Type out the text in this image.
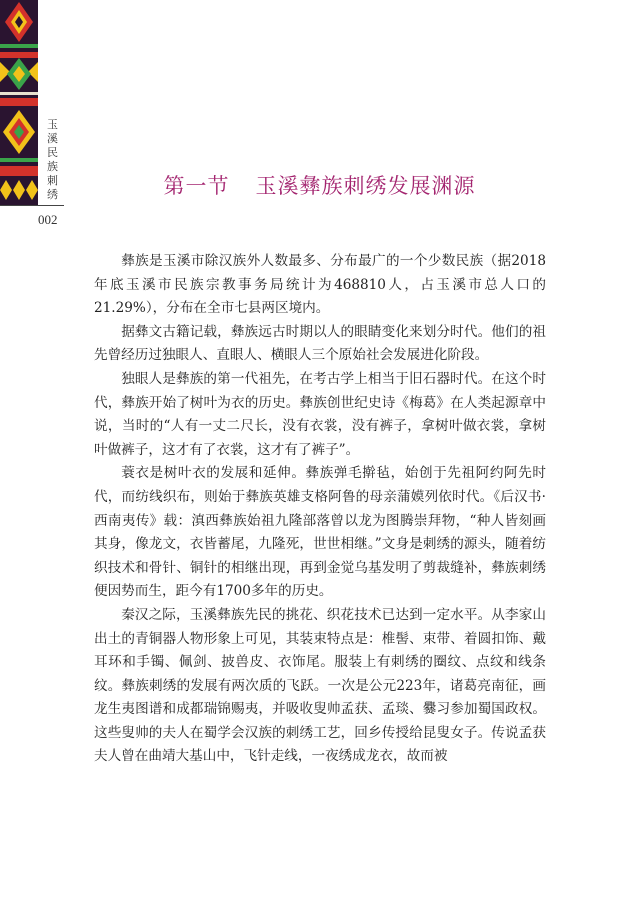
玉
溪
民
族
刺
绣
002
第一节 玉溪彝族刺绣发展渊源

彝族是玉溪市除汉族外人数最多、分布最广的一个少数民族（据2018年底玉溪市民族宗教事务局统计为468810人，占玉溪市总人口的21.29%），分布在全市七县两区境内。

据彝文古籍记载，彝族远古时期以人的眼睛变化来划分时代。他们的祖先曾经历过独眼人、直眼人、横眼人三个原始社会发展进化阶段。

独眼人是彝族的第一代祖先，在考古学上相当于旧石器时代。在这个时代，彝族开始了树叶为衣的历史。彝族创世纪史诗《梅葛》在人类起源章中说，当时的“人有一丈二尺长，没有衣裳，没有裤子，拿树叶做衣裳，拿树叶做裤子，这才有了衣裳，这才有了裤子”。

蓑衣是树叶衣的发展和延伸。彝族弹毛擀毡，始创于先祖阿约阿先时代，而纺线织布，则始于彝族英雄支格阿鲁的母亲蒲嫫列依时代。《后汉书·西南夷传》载：滇西彝族始祖九隆部落曾以龙为图腾崇拜物，“种人皆刻画其身，像龙文，衣皆蓄尾，九隆死，世世相继。”文身是刺绣的源头，随着纺织技术和骨针、铜针的相继出现，再到金觉乌基发明了剪裁缝补，彝族刺绣便因势而生，距今有1700多年的历史。

秦汉之际，玉溪彝族先民的挑花、织花技术已达到一定水平。从李家山出土的青铜器人物形象上可见，其装束特点是：椎髻、束带、着圆扣饰、戴耳环和手镯、佩剑、披兽皮、衣饰尾。服装上有刺绣的圈纹、点纹和线条纹。彝族刺绣的发展有两次质的飞跃。一次是公元223年，诸葛亮南征，画龙生夷图谱和成都瑞锦赐夷，并吸收叟帅孟获、孟琰、爨习参加蜀国政权。这些叟帅的夫人在蜀学会汉族的刺绣工艺，回乡传授给昆叟女子。传说孟获夫人曾在曲靖大基山中，飞针走线，一夜绣成龙衣，故而被
